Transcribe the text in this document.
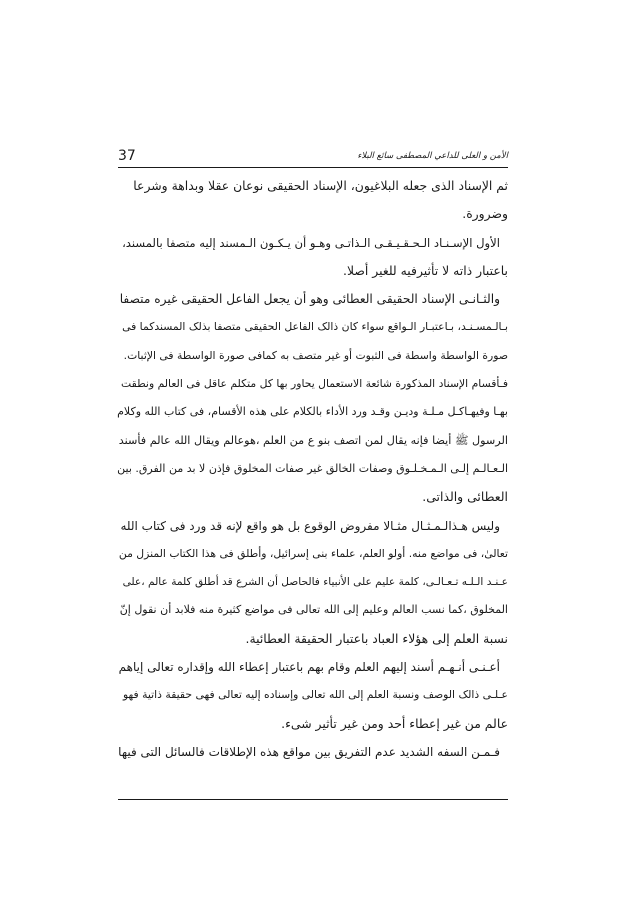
37	الأمن و العلی للداعي المصطفی سائع البلاء
ثم الإسناد الذی جعله البلاغیون، الإسناد الحقیقی نوعان عقلا وبداهة وشرعا
وضرورة.
الأول الإسـنـاد الـحـقـیـقـی الـذاتـی وهـو أن یـکـون الـمسند إلیه متصفا بالمسند،
باعتبار ذاته لا تأثیرفیه للغیر أصلا.
والثـانـی الإسناد الحقیقی العطائی وهو أن یجعل الفاعل الحقیقی غیره متصفا
بـالـمسـنـد، بـاعتبـار الـواقع سواء کان ذالک الفاعل الحقیقی متصفا بذلک المسندکما فی
صورة الواسطة واسطة فی الثبوت أو غیر متصف به کمافی صورة الواسطة فی الإثبات.
فـأقسام الإسناد المذکورة شائعة الاستعمال یحاور بها کل متکلم عاقل فی العالم ونطقت
بهـا وفیهـاکـل مـلـة ودیـن وقـد ورد الأداء بالکلام علی هذه الأقسام، فی کتاب الله وکلام
الرسول ﷺ أیضا فإنه یقال لمن اتصف بنو ع من العلم ،هوعالم ویقال الله عالم فأسند
الـعـالـم إلـی الـمـخـلـوق وصفات الخالق غیر صفات المخلوق فإذن لا بد من الفرق. بین
العطائی والذاتی.
ولیس هـذالـمـثـال مثـالا مفروض الوقوع بل هو واقع لإنه قد ورد فی کتاب الله
تعالیٰ، فی مواضع منه. أولو العلم، علماء بنی إسرائیل، وأطلق فی هذا الکتاب المنزل من
عـنـد الـلـه تـعـالـی، کلمة علیم علی الأنبیاء فالحاصل أن الشرع قد أطلق کلمة عالم ،علی
المخلوق ،کما نسب العالم وعلیم إلی الله تعالی فی مواضع کثیرة منه فلابد أن نقول إنّ
نسبة العلم إلی هؤلاء العباد باعتبار الحقیقة العطائیة.
أعـنـی أنـهـم أسند إلیهم العلم وقام بهم باعتبار إعطاء الله وإقداره تعالی إیاهم
عـلـی ذالک الوصف ونسبة العلم إلی الله تعالی وإسناده إلیه تعالی فهی حقیقة ذاتیة فهو
عالم من غیر إعطاء أحد ومن غیر تأثیر شیء.
فـمـن السفه الشدید عدم التفریق بین مواقع هذه الإطلاقات فالسائل التی فیها
